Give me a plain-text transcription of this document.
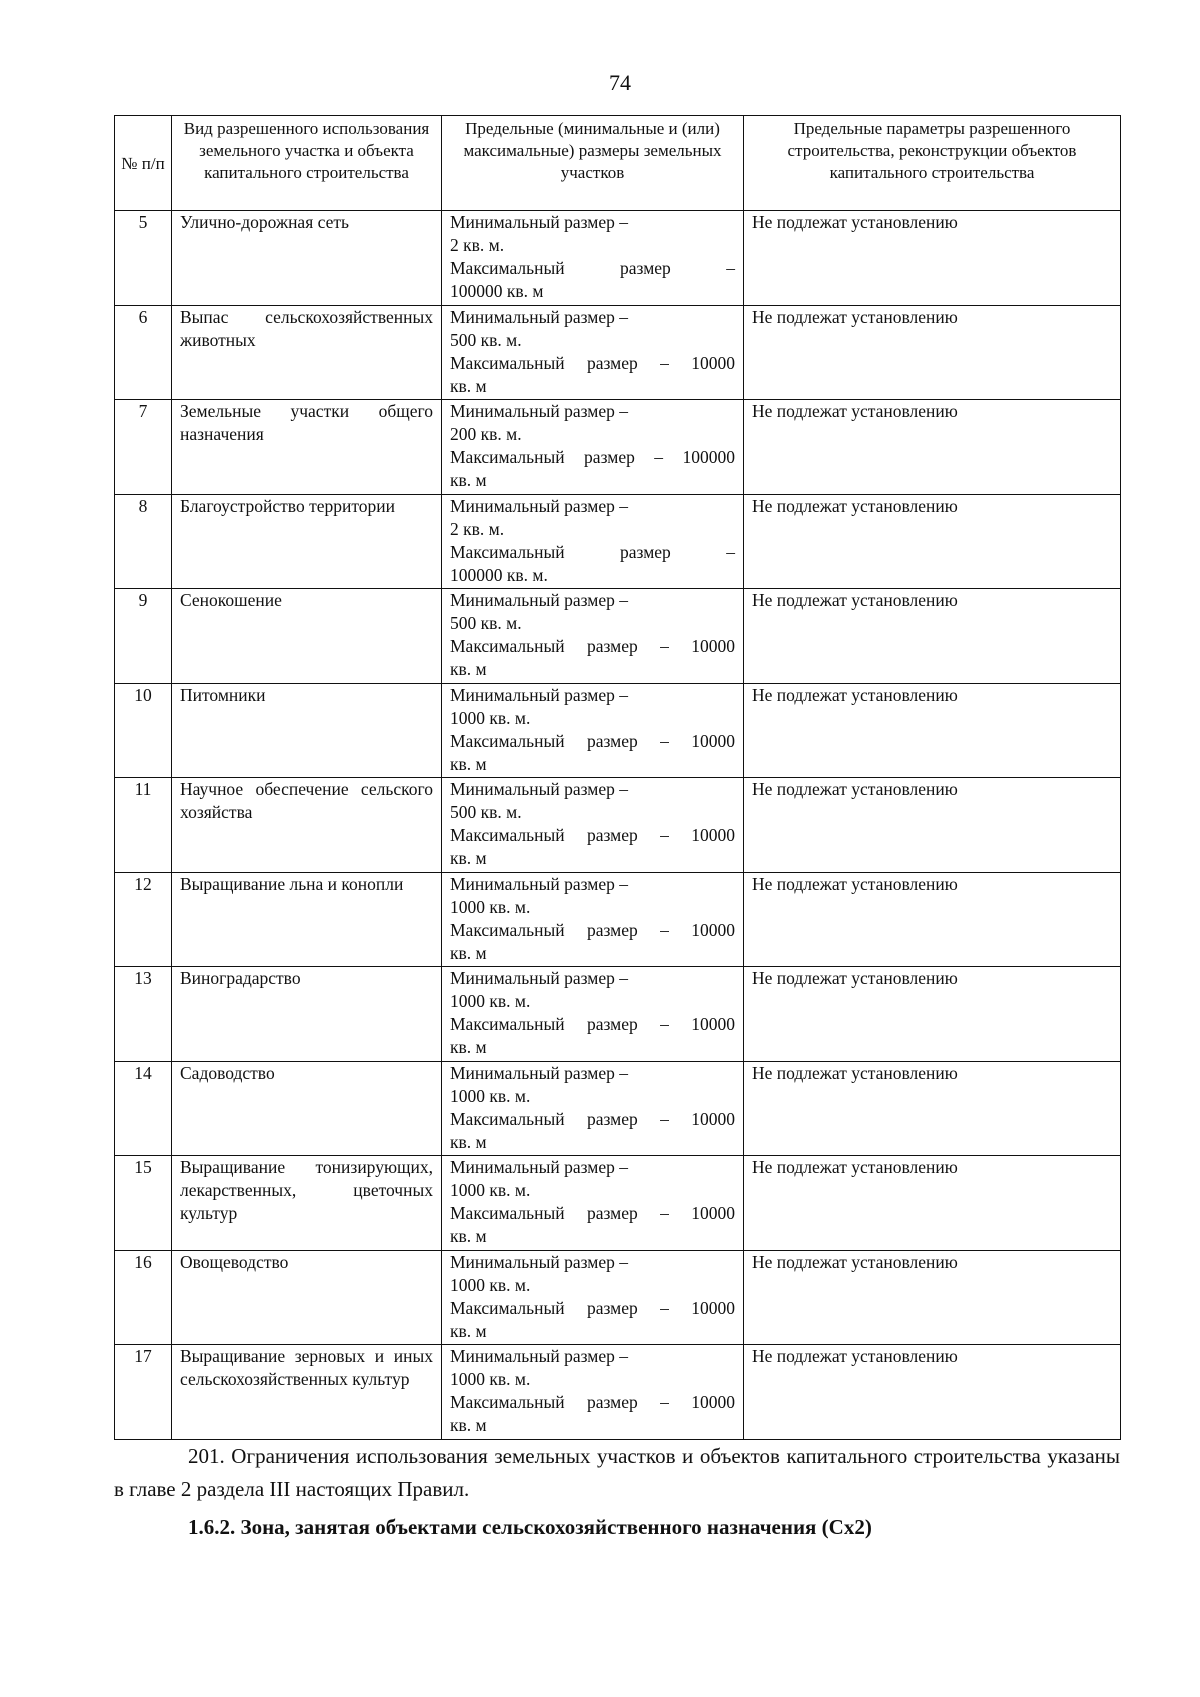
74
№ п/п	Вид разрешенного использования земельного участка и объекта капитального строительства	Предельные (минимальные и (или) максимальные) размеры земельных участков	Предельные параметры разрешенного строительства, реконструкции объектов капитального строительства
5	Улично-дорожная сеть	Минимальный размер –
2 кв. м.
Максимальный размер –
100000 кв. м	Не подлежат установлению
6	Выпас сельскохозяйственных животных	Минимальный размер –
500 кв. м.
Максимальный размер – 10000
кв. м	Не подлежат установлению
7	Земельные участки общего назначения	Минимальный размер –
200 кв. м.
Максимальный размер – 100000
кв. м	Не подлежат установлению
8	Благоустройство территории	Минимальный размер –
2 кв. м.
Максимальный размер –
100000 кв. м.	Не подлежат установлению
9	Сенокошение	Минимальный размер –
500 кв. м.
Максимальный размер – 10000
кв. м	Не подлежат установлению
10	Питомники	Минимальный размер –
1000 кв. м.
Максимальный размер – 10000
кв. м	Не подлежат установлению
11	Научное обеспечение сельского хозяйства	Минимальный размер –
500 кв. м.
Максимальный размер – 10000
кв. м	Не подлежат установлению
12	Выращивание льна и конопли	Минимальный размер –
1000 кв. м.
Максимальный размер – 10000
кв. м	Не подлежат установлению
13	Виноградарство	Минимальный размер –
1000 кв. м.
Максимальный размер – 10000
кв. м	Не подлежат установлению
14	Садоводство	Минимальный размер –
1000 кв. м.
Максимальный размер – 10000
кв. м	Не подлежат установлению
15	Выращивание тонизирующих, лекарственных, цветочных культур	Минимальный размер –
1000 кв. м.
Максимальный размер – 10000
кв. м	Не подлежат установлению
16	Овощеводство	Минимальный размер –
1000 кв. м.
Максимальный размер – 10000
кв. м	Не подлежат установлению
17	Выращивание зерновых и иных сельскохозяйственных культур	Минимальный размер –
1000 кв. м.
Максимальный размер – 10000
кв. м	Не подлежат установлению
201. Ограничения использования земельных участков и объектов капитального строительства указаны в главе 2 раздела III настоящих Правил.
1.6.2. Зона, занятая объектами сельскохозяйственного назначения (Сх2)
